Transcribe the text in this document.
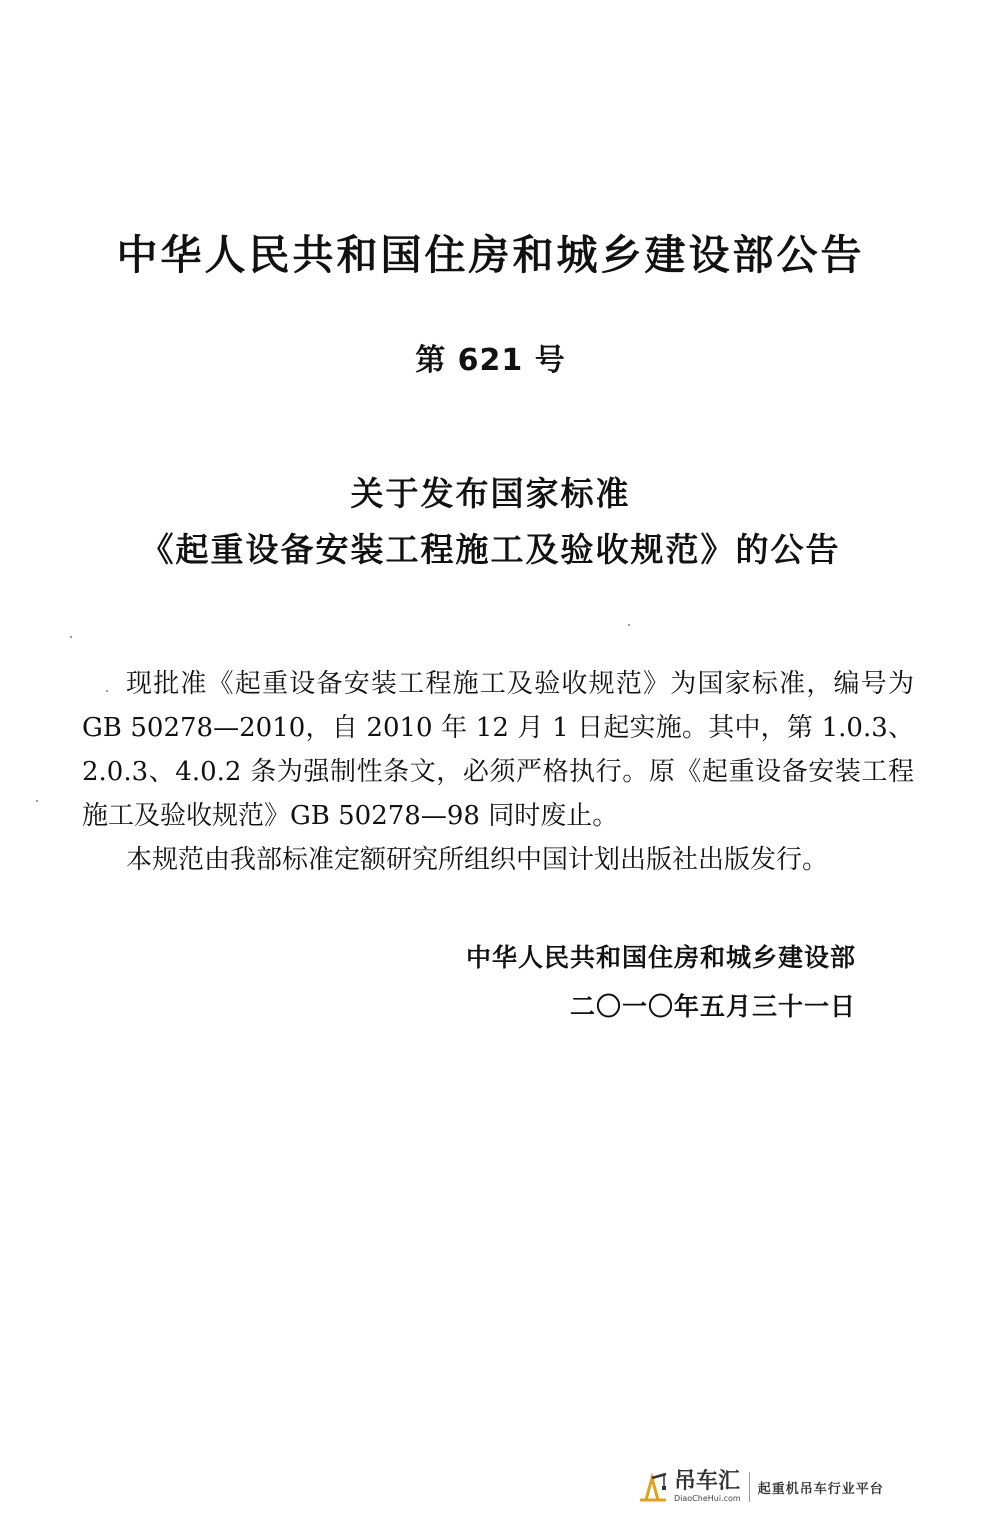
中华人民共和国住房和城乡建设部公告
第 621 号
关于发布国家标准
《起重设备安装工程施工及验收规范》的公告

现批准《起重设备安装工程施工及验收规范》为国家标准，编号为 GB 50278—2010，自 2010 年 12 月 1 日起实施。其中，第 1.0.3、2.0.3、4.0.2 条为强制性条文，必须严格执行。原《起重设备安装工程施工及验收规范》GB 50278—98 同时废止。

本规范由我部标准定额研究所组织中国计划出版社出版发行。

中华人民共和国住房和城乡建设部
二〇一〇年五月三十一日
吊车汇
DiaoCheHui.com
起重机吊车行业平台
